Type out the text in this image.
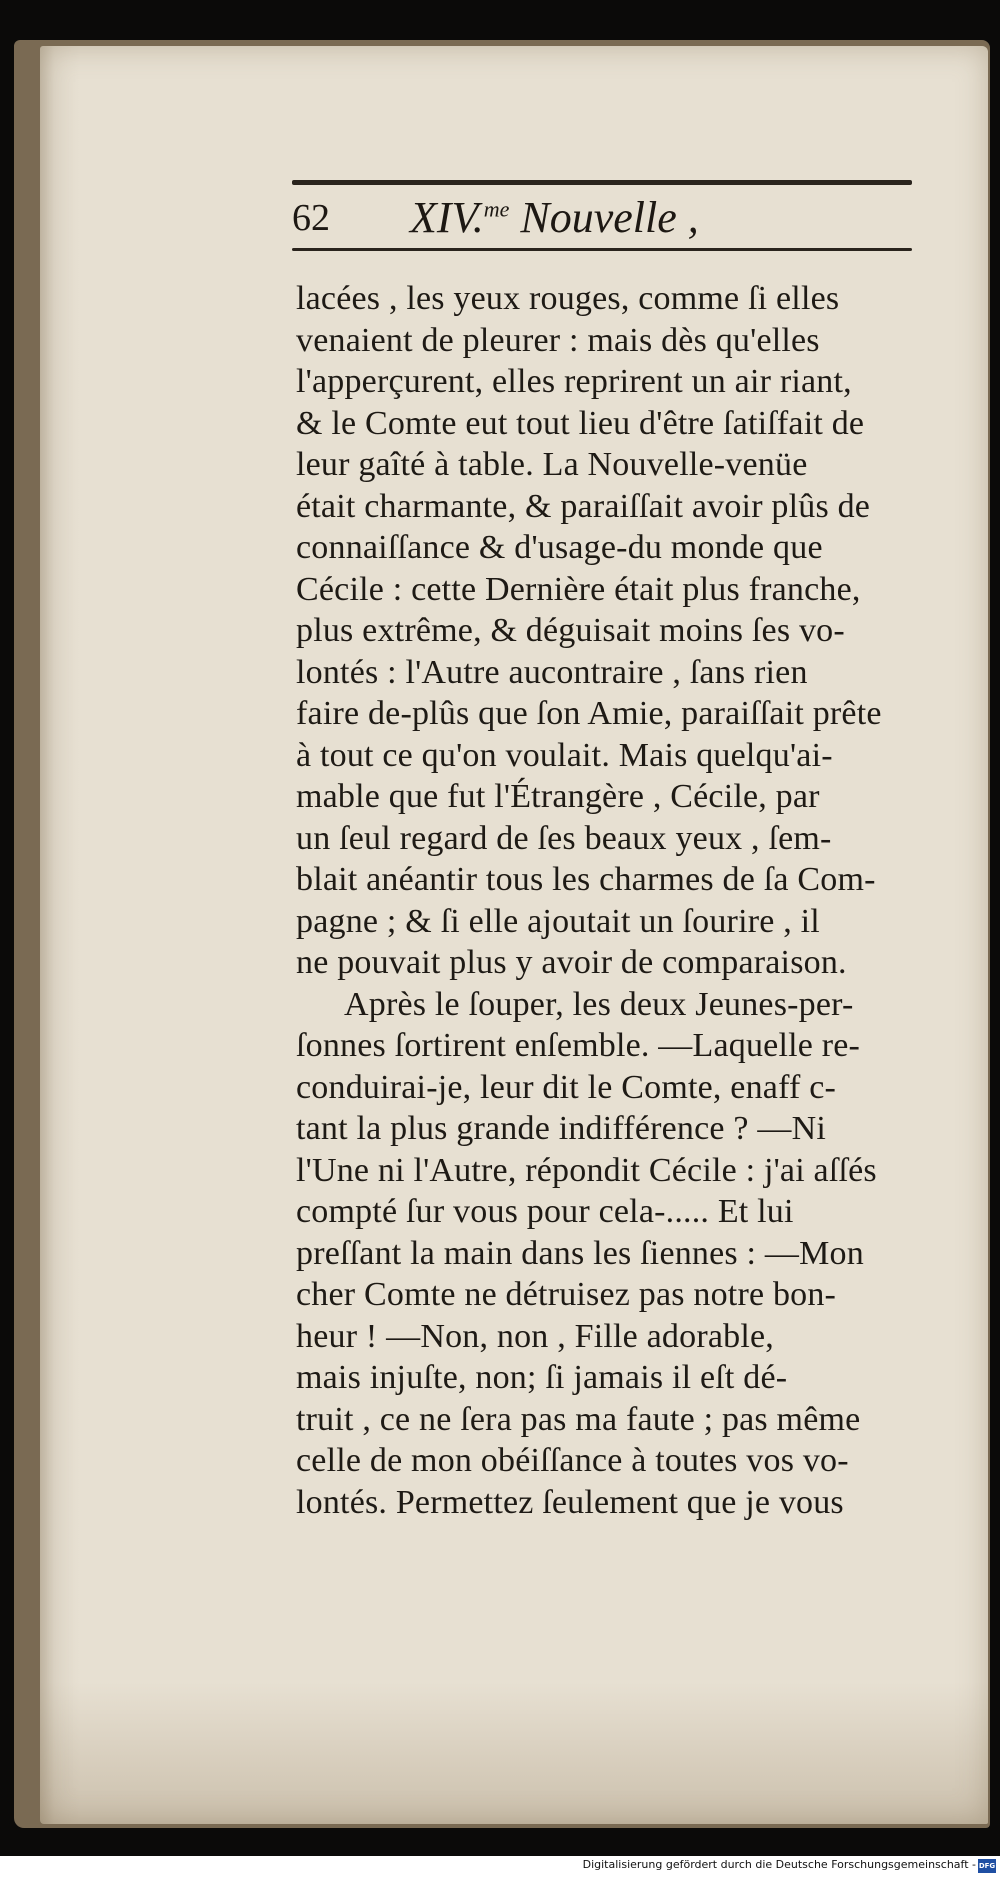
62 XIV.$^{me}$ Nouvelle ,
lacées , les yeux rouges, comme ſi elles
venaient de pleurer : mais dès qu'elles
l'apperçurent, elles reprirent un air riant,
& le Comte eut tout lieu d'être ſatiſfait de
leur gaîté à table. La Nouvelle-venüe
était charmante, & paraiſſait avoir plûs de
connaiſſance & d'usage-du monde que
Cécile : cette Dernière était plus franche,
plus extrême, & déguisait moins ſes vo-
lontés : l'Autre aucontraire , ſans rien
faire de-plûs que ſon Amie, paraiſſait prête
à tout ce qu'on voulait. Mais quelqu'ai-
mable que fut l'Étrangère , Cécile, par
un ſeul regard de ſes beaux yeux , ſem-
blait anéantir tous les charmes de ſa Com-
pagne ; & ſi elle ajoutait un ſourire , il
ne pouvait plus y avoir de comparaison.
Après le ſouper, les deux Jeunes-per-
ſonnes ſortirent enſemble. —Laquelle re-
conduirai-je, leur dit le Comte, enaff c-
tant la plus grande indifférence ? —Ni
l'Une ni l'Autre, répondit Cécile : j'ai aſſés
compté ſur vous pour cela-..... Et lui
preſſant la main dans les ſiennes : —Mon
cher Comte ne détruisez pas notre bon-
heur ! —Non, non , Fille adorable,
mais injuſte, non; ſi jamais il eſt dé-
truit , ce ne ſera pas ma faute ; pas même
celle de mon obéiſſance à toutes vos vo-
lontés. Permettez ſeulement que je vous
Digitalisierung gefördert durch die Deutsche Forschungsgemeinschaft - DFG
